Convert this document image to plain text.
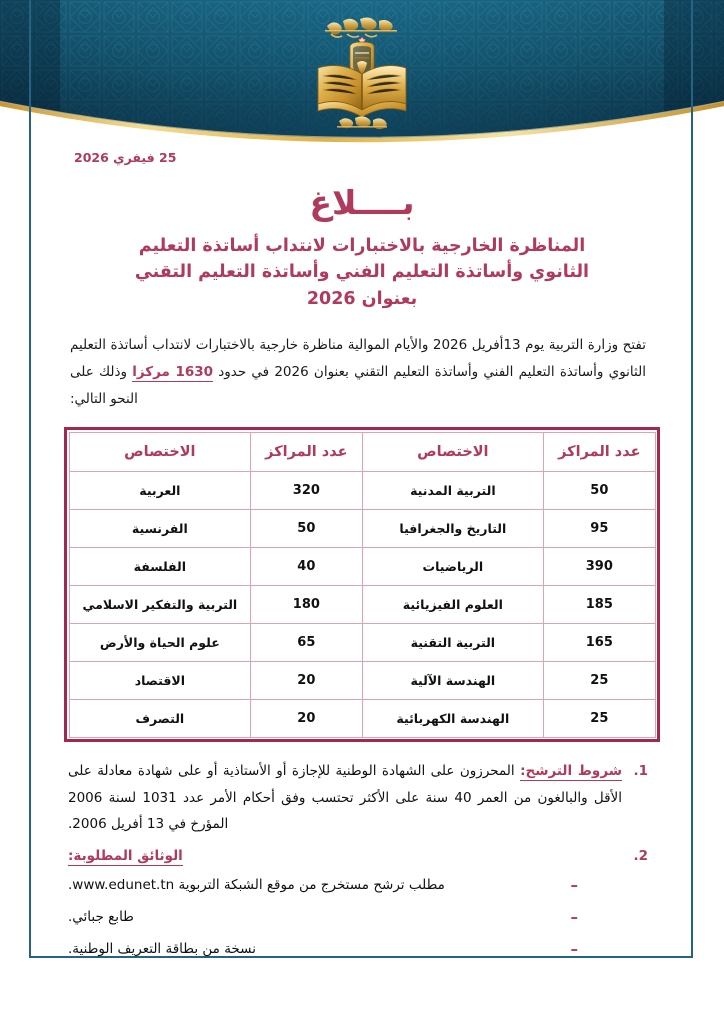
25 فيفري 2026
بــــلاغ
المناظرة الخارجية بالاختبارات لانتداب أساتذة التعليم الثانوي وأساتذة التعليم الفني وأساتذة التعليم التقني بعنوان 2026

تفتح وزارة التربية يوم 13أفريل 2026 والأيام الموالية مناظرة خارجية بالاختبارات لانتداب أساتذة التعليم الثانوي وأساتذة التعليم الفني وأساتذة التعليم التقني بعنوان 2026 في حدود 1630 مركزا وذلك على النحو التالي:

عدد المراكز	الاختصاص	عدد المراكز	الاختصاص
50	التربية المدنية	320	العربية
95	التاريخ والجغرافيا	50	الفرنسية
390	الرياضيات	40	الفلسفة
185	العلوم الفيزيائية	180	التربية والتفكير الاسلامي
165	التربية التقنية	65	علوم الحياة والأرض
25	الهندسة الآلية	20	الاقتصاد
25	الهندسة الكهربائية	20	التصرف
شروط الترشح: المحرزون على الشهادة الوطنية للإجازة أو الأستاذية أو على شهادة معادلة على الأقل والبالغون من العمر 40 سنة على الأكثر تحتسب وفق أحكام الأمر عدد 1031 لسنة 2006 المؤرخ في 13 أفريل 2006.
الوثائق المطلوبة:
– مطلب ترشح مستخرج من موقع الشبكة التربوية www.edunet.tn.
– طابع جبائي.
– نسخة من بطاقة التعريف الوطنية.
